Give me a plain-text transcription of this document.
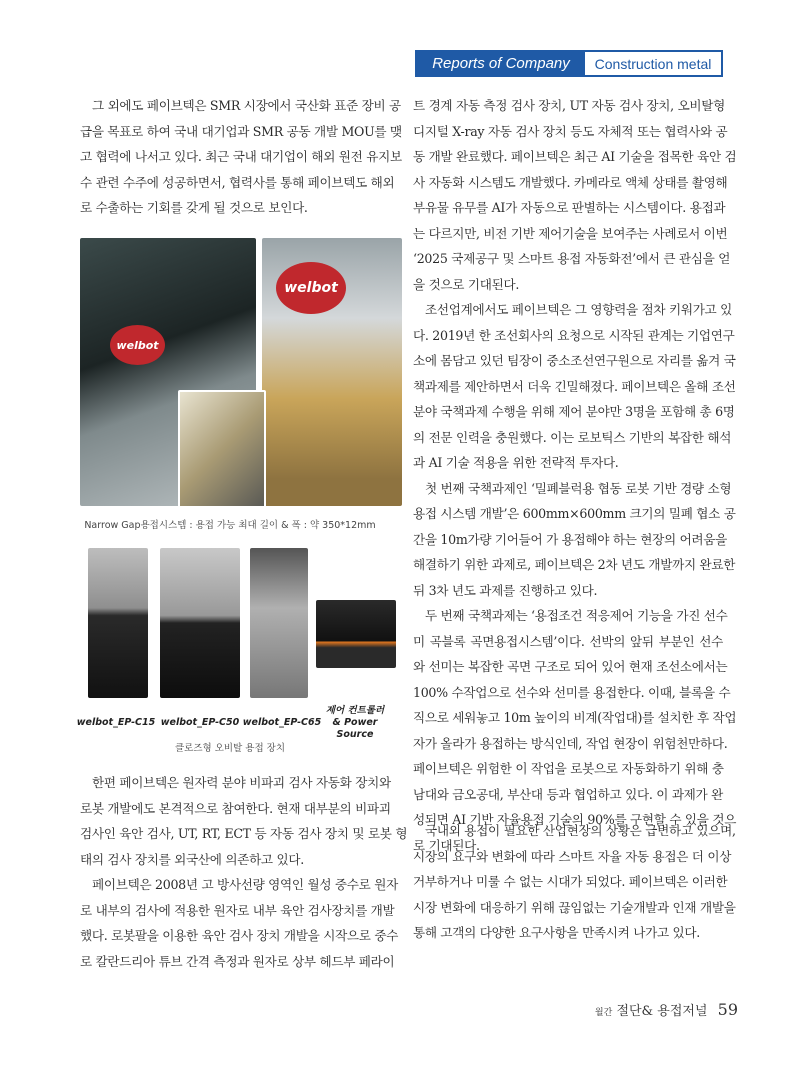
Reports of Company	Construction metal
그 외에도 페이브텍은 SMR 시장에서 국산화 표준 장비 공
급을 목표로 하여 국내 대기업과 SMR 공동 개발 MOU를 맺
고 협력에 나서고 있다. 최근 국내 대기업이 해외 원전 유지보
수 관련 수주에 성공하면서, 협력사를 통해 페이브텍도 해외
로 수출하는 기회를 갖게 될 것으로 보인다.
welbot
welbot
Narrow Gap용접시스템 : 용접 가능 최대 길이 & 폭 : 약 350*12mm
welbot_EP-C15 welbot_EP-C50 welbot_EP-C65
제어 컨트롤러 & Power Source
클로즈형 오비탈 용접 장치
한편 페이브텍은 원자력 분야 비파괴 검사 자동화 장치와
로봇 개발에도 본격적으로 참여한다. 현재 대부분의 비파괴
검사인 육안 검사, UT, RT, ECT 등 자동 검사 장치 및 로봇 형
태의 검사 장치를 외국산에 의존하고 있다.
페이브텍은 2008년 고 방사선량 영역인 월성 중수로 원자
로 내부의 검사에 적용한 원자로 내부 육안 검사장치를 개발
했다. 로봇팔을 이용한 육안 검사 장치 개발을 시작으로 중수
로 칼란드리아 튜브 간격 측정과 원자로 상부 헤드부 페라이
트 경계 자동 측정 검사 장치, UT 자동 검사 장치, 오비탈형
디지털 X-ray 자동 검사 장치 등도 자체적 또는 협력사와 공
동 개발 완료했다. 페이브텍은 최근 AI 기술을 접목한 육안 검
사 자동화 시스템도 개발했다. 카메라로 액체 상태를 촬영해
부유물 유무를 AI가 자동으로 판별하는 시스템이다. 용접과
는 다르지만, 비전 기반 제어기술을 보여주는 사례로서 이번
‘2025 국제공구 및 스마트 용접 자동화전’에서 큰 관심을 얻
을 것으로 기대된다.
조선업계에서도 페이브텍은 그 영향력을 점차 키워가고 있
다. 2019년 한 조선회사의 요청으로 시작된 관계는 기업연구
소에 몸담고 있던 팀장이 중소조선연구원으로 자리를 옮겨 국
책과제를 제안하면서 더욱 긴밀해졌다. 페이브텍은 올해 조선
분야 국책과제 수행을 위해 제어 분야만 3명을 포함해 총 6명
의 전문 인력을 충원했다. 이는 로보틱스 기반의 복잡한 해석
과 AI 기술 적용을 위한 전략적 투자다.
첫 번째 국책과제인 ‘밀폐블럭용 협동 로봇 기반 경량 소형
용접 시스템 개발’은 600mm×600mm 크기의 밀폐 협소 공
간을 10m가량 기어들어 가 용접해야 하는 현장의 어려움을
해결하기 위한 과제로, 페이브텍은 2차 년도 개발까지 완료한
뒤 3차 년도 과제를 진행하고 있다.
두 번째 국책과제는 ‘용접조건 적응제어 기능을 가진 선수
미 곡블록 곡면용접시스템’이다. 선박의 앞뒤 부분인 선수
와 선미는 복잡한 곡면 구조로 되어 있어 현재 조선소에서는
100% 수작업으로 선수와 선미를 용접한다. 이때, 블록을 수
직으로 세워놓고 10m 높이의 비계(작업대)를 설치한 후 작업
자가 올라가 용접하는 방식인데, 작업 현장이 위험천만하다.
페이브텍은 위험한 이 작업을 로봇으로 자동화하기 위해 충
남대와 금오공대, 부산대 등과 협업하고 있다. 이 과제가 완
성되면 AI 기반 자율용접 기술의 90%를 구현할 수 있을 것으
로 기대된다.
국내외 용접이 필요한 산업현장의 상황은 급변하고 있으며,
시장의 요구와 변화에 따라 스마트 자율 자동 용접은 더 이상
거부하거나 미룰 수 없는 시대가 되었다. 페이브텍은 이러한
시장 변화에 대응하기 위해 끊임없는 기술개발과 인재 개발을
통해 고객의 다양한 요구사항을 만족시켜 나가고 있다.
월간 절단& 용접저널 59
